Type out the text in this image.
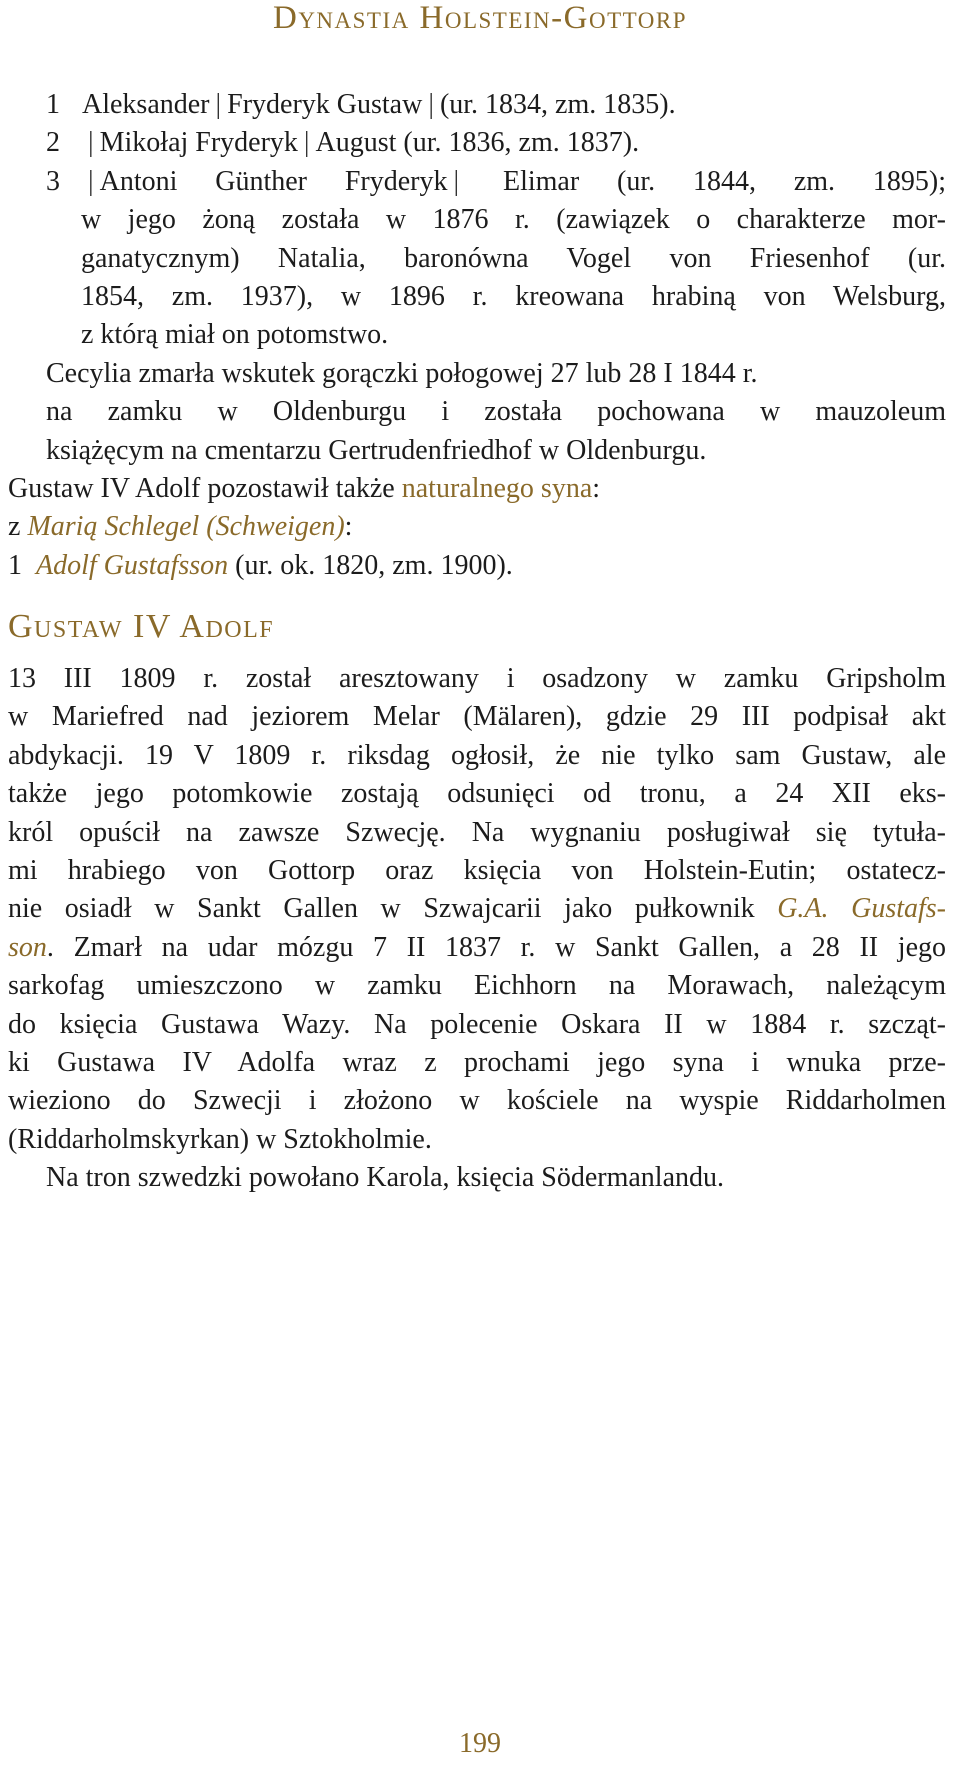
Dynastia Holstein-Gottorp
1 Aleksander | Fryderyk Gustaw | (ur. 1834, zm. 1835).
2 | Mikołaj Fryderyk | August (ur. 1836, zm. 1837).
3 | Antoni Günther Fryderyk | Elimar (ur. 1844, zm. 1895);
w jego żoną została w 1876 r. (zawiązek o charakterze mor-
ganatycznym) Natalia, baronówna Vogel von Friesenhof (ur.
1854, zm. 1937), w 1896 r. kreowana hrabiną von Welsburg,
z którą miał on potomstwo.
Cecylia zmarła wskutek gorączki połogowej 27 lub 28 I 1844 r.
na zamku w Oldenburgu i została pochowana w mauzoleum
książęcym na cmentarzu Gertrudenfriedhof w Oldenburgu.
Gustaw IV Adolf pozostawił także naturalnego syna:
z Marią Schlegel (Schweigen):
1 Adolf Gustafsson (ur. ok. 1820, zm. 1900).
Gustaw IV Adolf
13 III 1809 r. został aresztowany i osadzony w zamku Gripsholm
w Mariefred nad jeziorem Melar (Mälaren), gdzie 29 III podpisał akt
abdykacji. 19 V 1809 r. riksdag ogłosił, że nie tylko sam Gustaw, ale
także jego potomkowie zostają odsunięci od tronu, a 24 XII eks-
król opuścił na zawsze Szwecję. Na wygnaniu posługiwał się tytuła-
mi hrabiego von Gottorp oraz księcia von Holstein-Eutin; ostatecz-
nie osiadł w Sankt Gallen w Szwajcarii jako pułkownik G.A. Gustafs-
son. Zmarł na udar mózgu 7 II 1837 r. w Sankt Gallen, a 28 II jego
sarkofag umieszczono w zamku Eichhorn na Morawach, należącym
do księcia Gustawa Wazy. Na polecenie Oskara II w 1884 r. szcząt-
ki Gustawa IV Adolfa wraz z prochami jego syna i wnuka prze-
wieziono do Szwecji i złożono w kościele na wyspie Riddarholmen
(Riddarholmskyrkan) w Sztokholmie.
Na tron szwedzki powołano Karola, księcia Södermanlandu.
199
